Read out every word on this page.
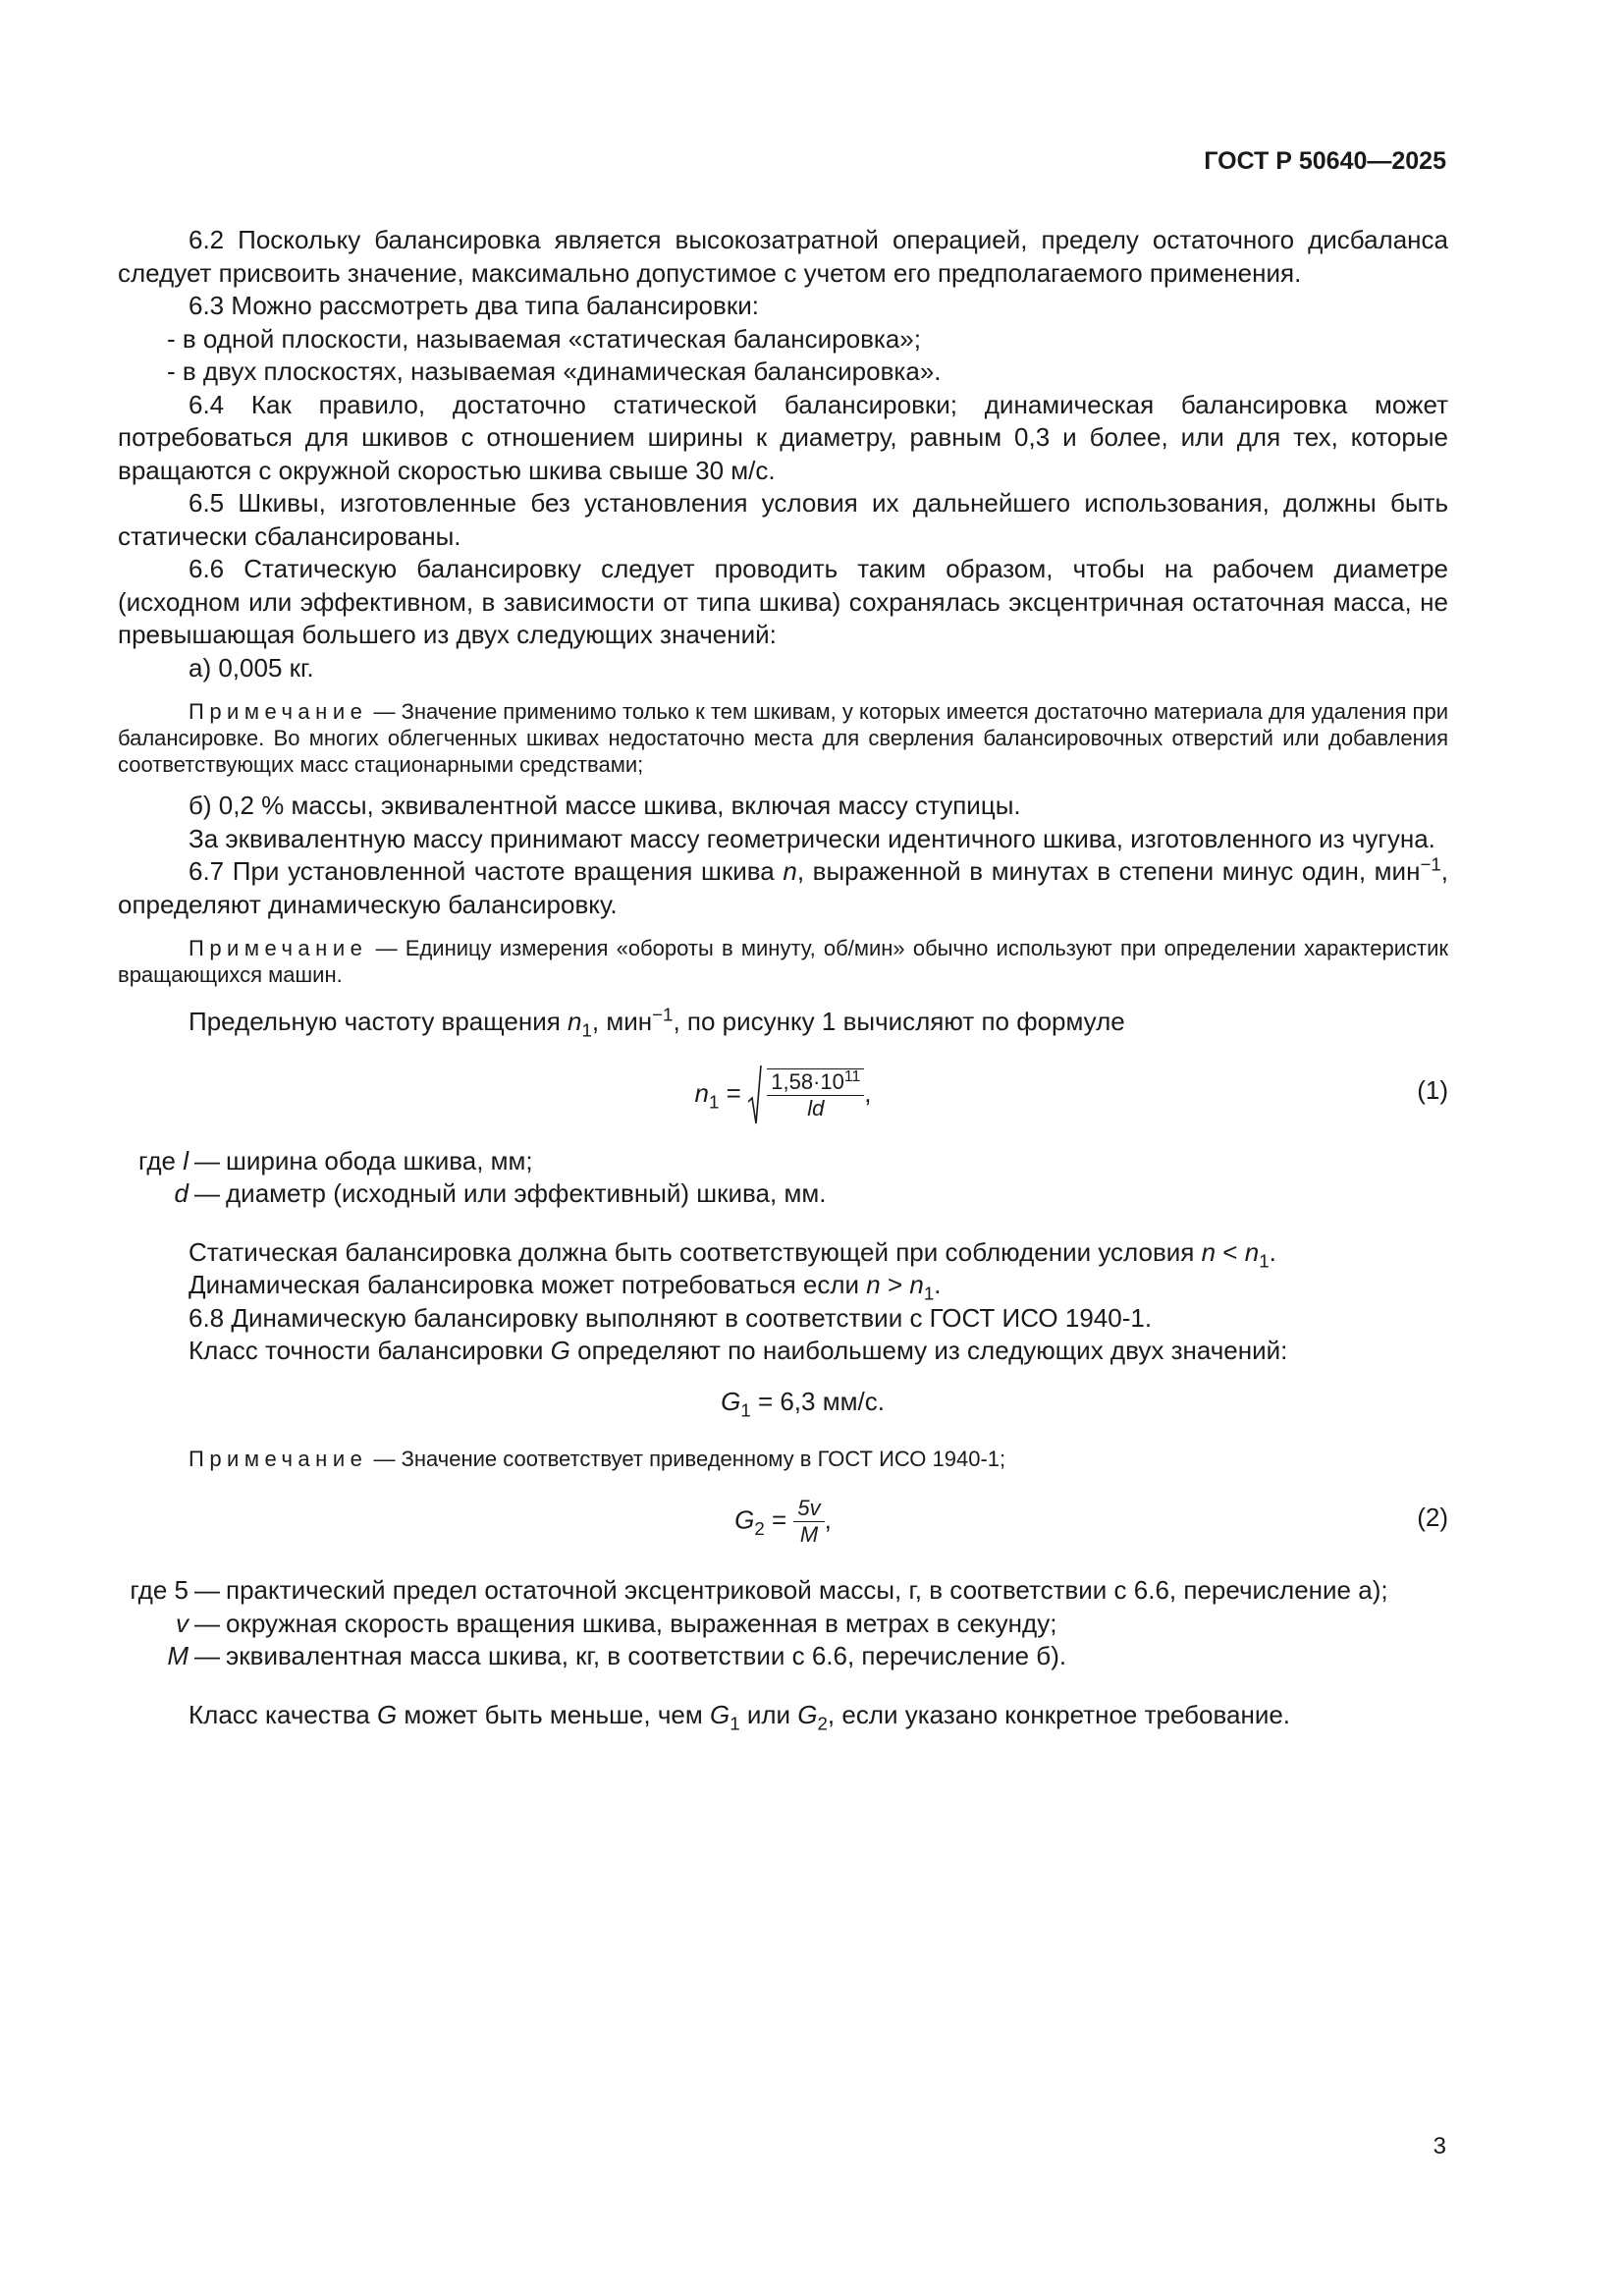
ГОСТ Р 50640—2025

6.2 Поскольку балансировка является высокозатратной операцией, пределу остаточного дисбаланса следует присвоить значение, максимально допустимое с учетом его предполагаемого применения.

6.3 Можно рассмотреть два типа балансировки:

- в одной плоскости, называемая «статическая балансировка»;

- в двух плоскостях, называемая «динамическая балансировка».

6.4 Как правило, достаточно статической балансировки; динамическая балансировка может потребоваться для шкивов с отношением ширины к диаметру, равным 0,3 и более, или для тех, которые вращаются с окружной скоростью шкива свыше 30 м/с.

6.5 Шкивы, изготовленные без установления условия их дальнейшего использования, должны быть статически сбалансированы.

6.6 Статическую балансировку следует проводить таким образом, чтобы на рабочем диаметре (исходном или эффективном, в зависимости от типа шкива) сохранялась эксцентричная остаточная масса, не превышающая большего из двух следующих значений:

а) 0,005 кг.

Примечание — Значение применимо только к тем шкивам, у которых имеется достаточно материала для удаления при балансировке. Во многих облегченных шкивах недостаточно места для сверления балансировочных отверстий или добавления соответствующих масс стационарными средствами;

б) 0,2 % массы, эквивалентной массе шкива, включая массу ступицы.

За эквивалентную массу принимают массу геометрически идентичного шкива, изготовленного из чугуна.

6.7 При установленной частоте вращения шкива n, выраженной в минутах в степени минус один, мин$^{-1}$, определяют динамическую балансировку.

Примечание — Единицу измерения «обороты в минуту, об/мин» обычно используют при определении характеристик вращающихся машин.

Предельную частоту вращения $n_1$, мин$^{-1}$, по рисунку 1 вычисляют по формуле

$n_1 = \frac{1,58\cdot 10^{11}}{ld}$ ,	(1)
где l — ширина обода шкива, мм;
d — диаметр (исходный или эффективный) шкива, мм.

Статическая балансировка должна быть соответствующей при соблюдении условия $n < n_1$.

Динамическая балансировка может потребоваться если $n > n_1$.

6.8 Динамическую балансировку выполняют в соответствии с ГОСТ ИСО 1940-1.

Класс точности балансировки G определяют по наибольшему из следующих двух значений:

$G_1 = 6,3$ мм/с.

Примечание — Значение соответствует приведенному в ГОСТ ИСО 1940-1;

$G_2 = \frac{5v}{M}$ ,	(2)
где 5 — практический предел остаточной эксцентриковой массы, г, в соответствии с 6.6, перечисление а);
v — окружная скорость вращения шкива, выраженная в метрах в секунду;
M — эквивалентная масса шкива, кг, в соответствии с 6.6, перечисление б).

Класс качества G может быть меньше, чем $G_1$ или $G_2$, если указано конкретное требование.

3
